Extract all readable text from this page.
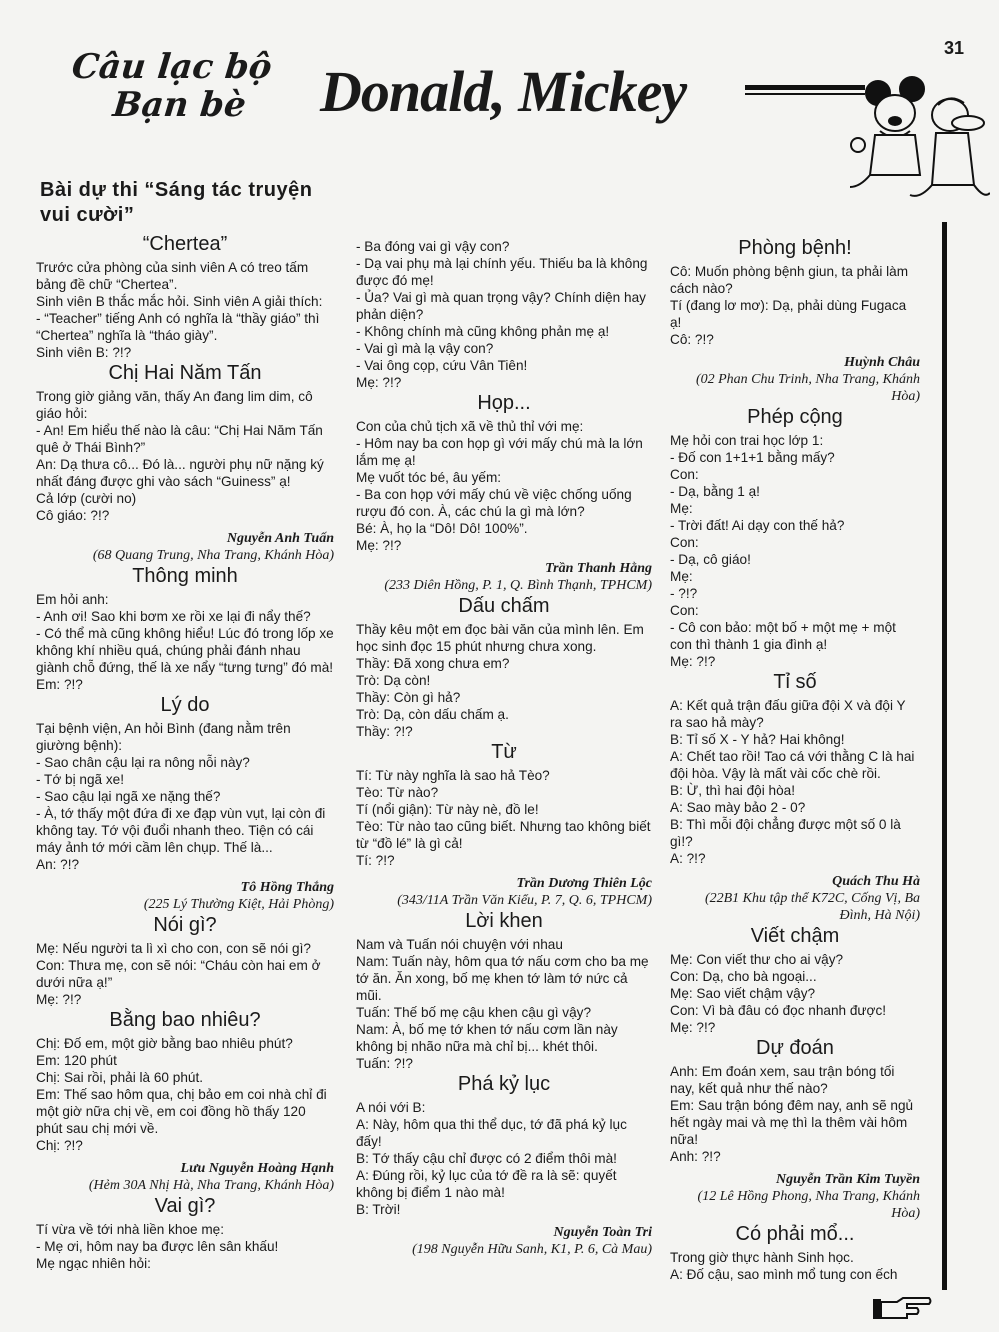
31
Câu lạc bộ
Bạn bè	Donald, Mickey
Bài dự thi “Sáng tác truyện vui cười”
“Chertea”
Trước cửa phòng của sinh viên A có treo tấm bảng đề chữ “Chertea”.
Sinh viên B thắc mắc hỏi. Sinh viên A giải thích:
- “Teacher” tiếng Anh có nghĩa là “thầy giáo” thì “Chertea” nghĩa là “tháo giày”.
Sinh viên B: ?!?
Chị Hai Năm Tấn
Trong giờ giảng văn, thấy An đang lim dim, cô giáo hỏi:
- An! Em hiểu thế nào là câu: “Chị Hai Năm Tấn quê ở Thái Bình?”
An: Dạ thưa cô... Đó là... người phụ nữ nặng ký nhất đáng được ghi vào sách “Guiness” ạ!
Cả lớp (cười no)
Cô giáo: ?!?
Nguyễn Anh Tuấn
(68 Quang Trung, Nha Trang, Khánh Hòa)
Thông minh
Em hỏi anh:
- Anh ơi! Sao khi bơm xe rồi xe lại đi nẩy thế?
- Có thể mà cũng không hiểu! Lúc đó trong lốp xe không khí nhiều quá, chúng phải đánh nhau giành chỗ đứng, thế là xe nẩy “tưng tưng” đó mà!
Em: ?!?
Lý do
Tại bệnh viện, An hỏi Bình (đang nằm trên giường bệnh):
- Sao chân cậu lại ra nông nỗi này?
- Tớ bị ngã xe!
- Sao cậu lại ngã xe nặng thế?
- À, tớ thấy một đứa đi xe đạp vùn vụt, lại còn đi không tay. Tớ vội đuổi nhanh theo. Tiện có cái máy ảnh tớ mới cầm lên chụp. Thế là...
An: ?!?
Tô Hồng Thắng
(225 Lý Thường Kiệt, Hải Phòng)
Nói gì?
Mẹ: Nếu người ta lì xì cho con, con sẽ nói gì?
Con: Thưa mẹ, con sẽ nói: “Cháu còn hai em ở dưới nữa ạ!”
Mẹ: ?!?
Bằng bao nhiêu?
Chị: Đố em, một giờ bằng bao nhiêu phút?
Em: 120 phút
Chị: Sai rồi, phải là 60 phút.
Em: Thế sao hôm qua, chị bảo em coi nhà chỉ đi một giờ nữa chị về, em coi đồng hồ thấy 120 phút sau chị mới về.
Chị: ?!?
Lưu Nguyễn Hoàng Hạnh
(Hẻm 30A Nhị Hà, Nha Trang, Khánh Hòa)
Vai gì?
Tí vừa về tới nhà liền khoe mẹ:
- Mẹ ơi, hôm nay ba được lên sân khấu!
Mẹ ngạc nhiên hỏi:
- Ba đóng vai gì vậy con?
- Dạ vai phụ mà lại chính yếu. Thiếu ba là không được đó mẹ!
- Ủa? Vai gì mà quan trọng vậy? Chính diện hay phản diện?
- Không chính mà cũng không phản mẹ ạ!
- Vai gì mà lạ vậy con?
- Vai ông cọp, cứu Vân Tiên!
Mẹ: ?!?
Họp...
Con của chủ tịch xã về thủ thỉ với mẹ:
- Hôm nay ba con họp gì với mấy chú mà la lớn lắm mẹ ạ!
Mẹ vuốt tóc bé, âu yếm:
- Ba con họp với mấy chú về việc chống uống rượu đó con. À, các chú la gì mà lớn?
Bé: À, họ la “Dô! Dô! 100%”.
Mẹ: ?!?
Trần Thanh Hằng
(233 Diên Hồng, P. 1, Q. Bình Thạnh, TPHCM)
Dấu chấm
Thầy kêu một em đọc bài văn của mình lên. Em học sinh đọc 15 phút nhưng chưa xong.
Thầy: Đã xong chưa em?
Trò: Dạ còn!
Thầy: Còn gì hả?
Trò: Dạ, còn dấu chấm ạ.
Thầy: ?!?
Từ
Tí: Từ này nghĩa là sao hả Tèo?
Tèo: Từ nào?
Tí (nổi giận): Từ này nè, đồ le!
Tèo: Từ nào tao cũng biết. Nhưng tao không biết từ “đồ lé” là gì cả!
Tí: ?!?
Trần Dương Thiên Lộc
(343/11A Trần Văn Kiểu, P. 7, Q. 6, TPHCM)
Lời khen
Nam và Tuấn nói chuyện với nhau
Nam: Tuấn này, hôm qua tớ nấu cơm cho ba mẹ tớ ăn. Ăn xong, bố mẹ khen tớ làm tớ nức cả mũi.
Tuấn: Thế bố mẹ cậu khen cậu gì vậy?
Nam: À, bố mẹ tớ khen tớ nấu cơm lần này không bị nhão nữa mà chỉ bị... khét thôi.
Tuấn: ?!?
Phá kỷ lục
A nói với B:
A: Này, hôm qua thi thể dục, tớ đã phá kỷ lục đấy!
B: Tớ thấy cậu chỉ được có 2 điểm thôi mà!
A: Đúng rồi, kỷ lục của tớ đề ra là sẽ: quyết không bị điểm 1 nào mà!
B: Trời!
Nguyễn Toàn Tri
(198 Nguyễn Hữu Sanh, K1, P. 6, Cà Mau)
Phòng bệnh!
Cô: Muốn phòng bệnh giun, ta phải làm cách nào?
Tí (đang lơ mơ): Dạ, phải dùng Fugaca ạ!
Cô: ?!?
Huỳnh Châu
(02 Phan Chu Trinh, Nha Trang, Khánh Hòa)
Phép cộng
Mẹ hỏi con trai học lớp 1:
- Đố con 1+1+1 bằng mấy?
Con:
- Dạ, bằng 1 ạ!
Mẹ:
- Trời đất! Ai dạy con thế hả?
Con:
- Dạ, cô giáo!
Mẹ:
- ?!?
Con:
- Cô con bảo: một bố + một mẹ + một con thì thành 1 gia đình ạ!
Mẹ: ?!?
Tỉ số
A: Kết quả trận đấu giữa đội X và đội Y ra sao hả mày?
B: Tỉ số X - Y hả? Hai không!
A: Chết tao rồi! Tao cá với thằng C là hai đội hòa. Vậy là mất vài cốc chè rồi.
B: Ừ, thì hai đội hòa!
A: Sao mày bảo 2 - 0?
B: Thì mỗi đội chẳng được một số 0 là gì!?
A: ?!?
Quách Thu Hà
(22B1 Khu tập thể K72C, Cống Vị, Ba Đình, Hà Nội)
Viết chậm
Mẹ: Con viết thư cho ai vậy?
Con: Dạ, cho bà ngoại...
Mẹ: Sao viết chậm vậy?
Con: Vì bà đâu có đọc nhanh được!
Mẹ: ?!?
Dự đoán
Anh: Em đoán xem, sau trận bóng tối nay, kết quả như thế nào?
Em: Sau trận bóng đêm nay, anh sẽ ngủ hết ngày mai và mẹ thì la thêm vài hôm nữa!
Anh: ?!?
Nguyễn Trần Kim Tuyền
(12 Lê Hồng Phong, Nha Trang, Khánh Hòa)
Có phải mổ...
Trong giờ thực hành Sinh học.
A: Đố cậu, sao mình mổ tung con ếch
